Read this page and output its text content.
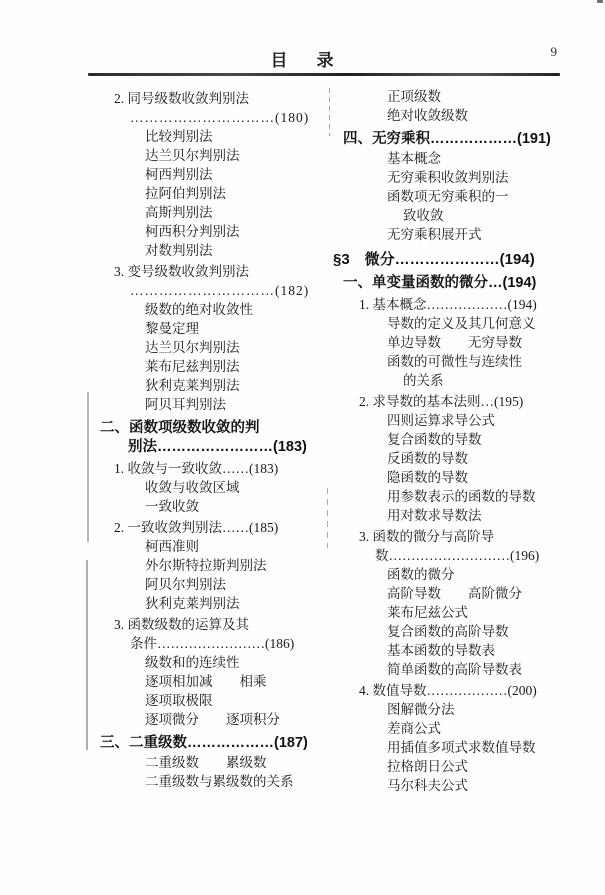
目　录	9
2. 同号级数收敛判别法
…………………………(180)
比较判别法
达兰贝尔判别法
柯西判别法
拉阿伯判别法
高斯判别法
柯西积分判别法
对数判别法
3. 变号级数收敛判别法
…………………………(182)
级数的绝对收敛性
黎曼定理
达兰贝尔判别法
莱布尼兹判别法
狄利克莱判别法
阿贝耳判别法
二、函数项级数收敛的判
别法……………………(183)
1. 收敛与一致收敛……(183)
收敛与收敛区域
一致收敛
2. 一致收敛判别法……(185)
柯西准则
外尔斯特拉斯判别法
阿贝尔判别法
狄利克莱判别法
3. 函数级数的运算及其
条件……………………(186)
级数和的连续性
逐项相加减　　相乘
逐项取极限
逐项微分　　逐项积分
三、二重级数………………(187)
二重级数　　累级数
二重级数与累级数的关系
正项级数
绝对收敛级数
四、无穷乘积………………(191)
基本概念
无穷乘积收敛判别法
函数项无穷乘积的一
致收敛
无穷乘积展开式
§3　微分…………………(194)
一、单变量函数的微分…(194)
1. 基本概念………………(194)
导数的定义及其几何意义
单边导数　　无穷导数
函数的可微性与连续性
的关系
2. 求导数的基本法则…(195)
四则运算求导公式
复合函数的导数
反函数的导数
隐函数的导数
用参数表示的函数的导数
用对数求导数法
3. 函数的微分与高阶导
数………………………(196)
函数的微分
高阶导数　　高阶微分
莱布尼兹公式
复合函数的高阶导数
基本函数的导数表
简单函数的高阶导数表
4. 数值导数………………(200)
图解微分法
差商公式
用插值多项式求数值导数
拉格朗日公式
马尔科夫公式
